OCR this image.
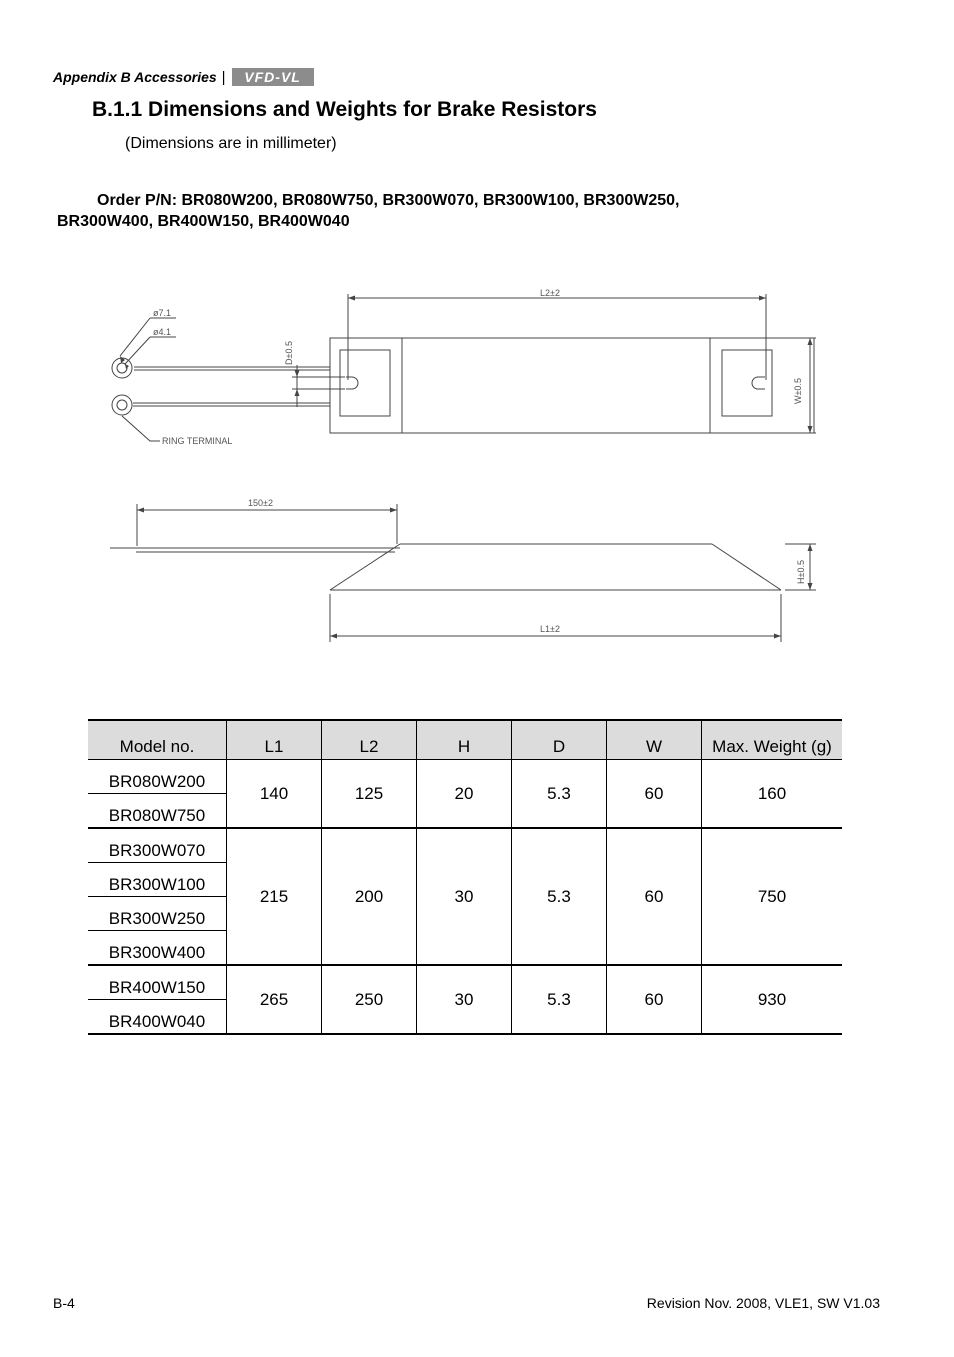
Appendix B Accessories |	VFD-VL
B.1.1 Dimensions and Weights for Brake Resistors
(Dimensions are in millimeter)
Order P/N: BR080W200, BR080W750, BR300W070, BR300W100, BR300W250,
BR300W400, BR400W150, BR400W040
L2±2
ø7.1
ø4.1
D±0.5
W±0.5
RING TERMINAL
150±2
H±0.5
L1±2
Model no.	L1	L2	H	D	W	Max. Weight (g)
BR080W200	140	125	20	5.3	60	160
BR080W750						
BR300W070	215	200	30	5.3	60	750
BR300W100						
BR300W250						
BR300W400						
BR400W150	265	250	30	5.3	60	930
BR400W040						
B-4	Revision Nov. 2008, VLE1, SW V1.03
